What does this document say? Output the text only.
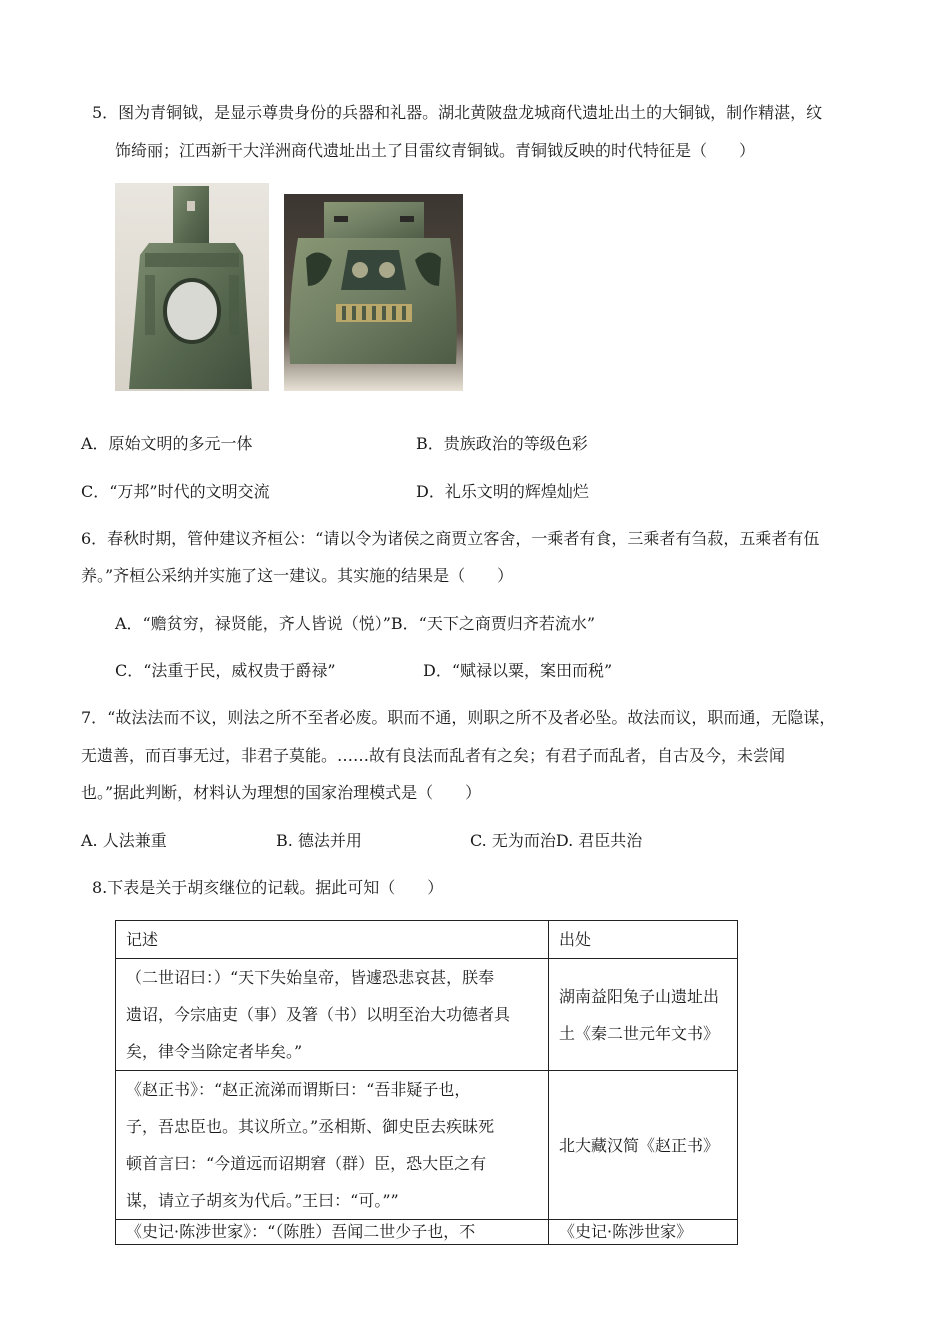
5．图为青铜钺，是显示尊贵身份的兵器和礼器。湖北黄陂盘龙城商代遗址出土的大铜钺，制作精湛，纹
饰绮丽；江西新干大洋洲商代遗址出土了目雷纹青铜钺。青铜钺反映的时代特征是（　　）
A．原始文明的多元一体	B．贵族政治的等级色彩
C．“万邦”时代的文明交流	D．礼乐文明的辉煌灿烂
6．春秋时期，管仲建议齐桓公：“请以令为诸侯之商贾立客舍，一乘者有食，三乘者有刍菽，五乘者有伍
养。”齐桓公采纳并实施了这一建议。其实施的结果是（　　）
A．“赡贫穷，禄贤能，齐人皆说（悦）”B．“天下之商贾归齐若流水”
C．“法重于民，威权贵于爵禄”	D．“赋禄以粟，案田而税”
7．“故法法而不议，则法之所不至者必废。职而不通，则职之所不及者必坠。故法而议，职而通，无隐谋，
无遗善，而百事无过，非君子莫能。……故有良法而乱者有之矣；有君子而乱者，自古及今，未尝闻
也。”据此判断，材料认为理想的国家治理模式是（　　）
A. 人法兼重	B. 德法并用	C. 无为而治D. 君臣共治
8.下表是关于胡亥继位的记载。据此可知（　　）
记述	出处

（二世诏曰：）“天下失始皇帝，皆遽恐悲哀甚，朕奉
遗诏，今宗庙吏（事）及箸（书）以明至治大功德者具
矣，律令当除定者毕矣。”	湖南益阳兔子山遗址出
土《秦二世元年文书》

《赵正书》：“赵正流涕而谓斯曰：“吾非疑子也，
子，吾忠臣也。其议所立。”丞相斯、御史臣去疾昧死
顿首言曰：“今道远而诏期窘（群）臣，恐大臣之有
谋，请立子胡亥为代后。”王曰：“可。””	北大藏汉简《赵正书》

《史记·陈涉世家》：“（陈胜）吾闻二世少子也，不	《史记·陈涉世家》
